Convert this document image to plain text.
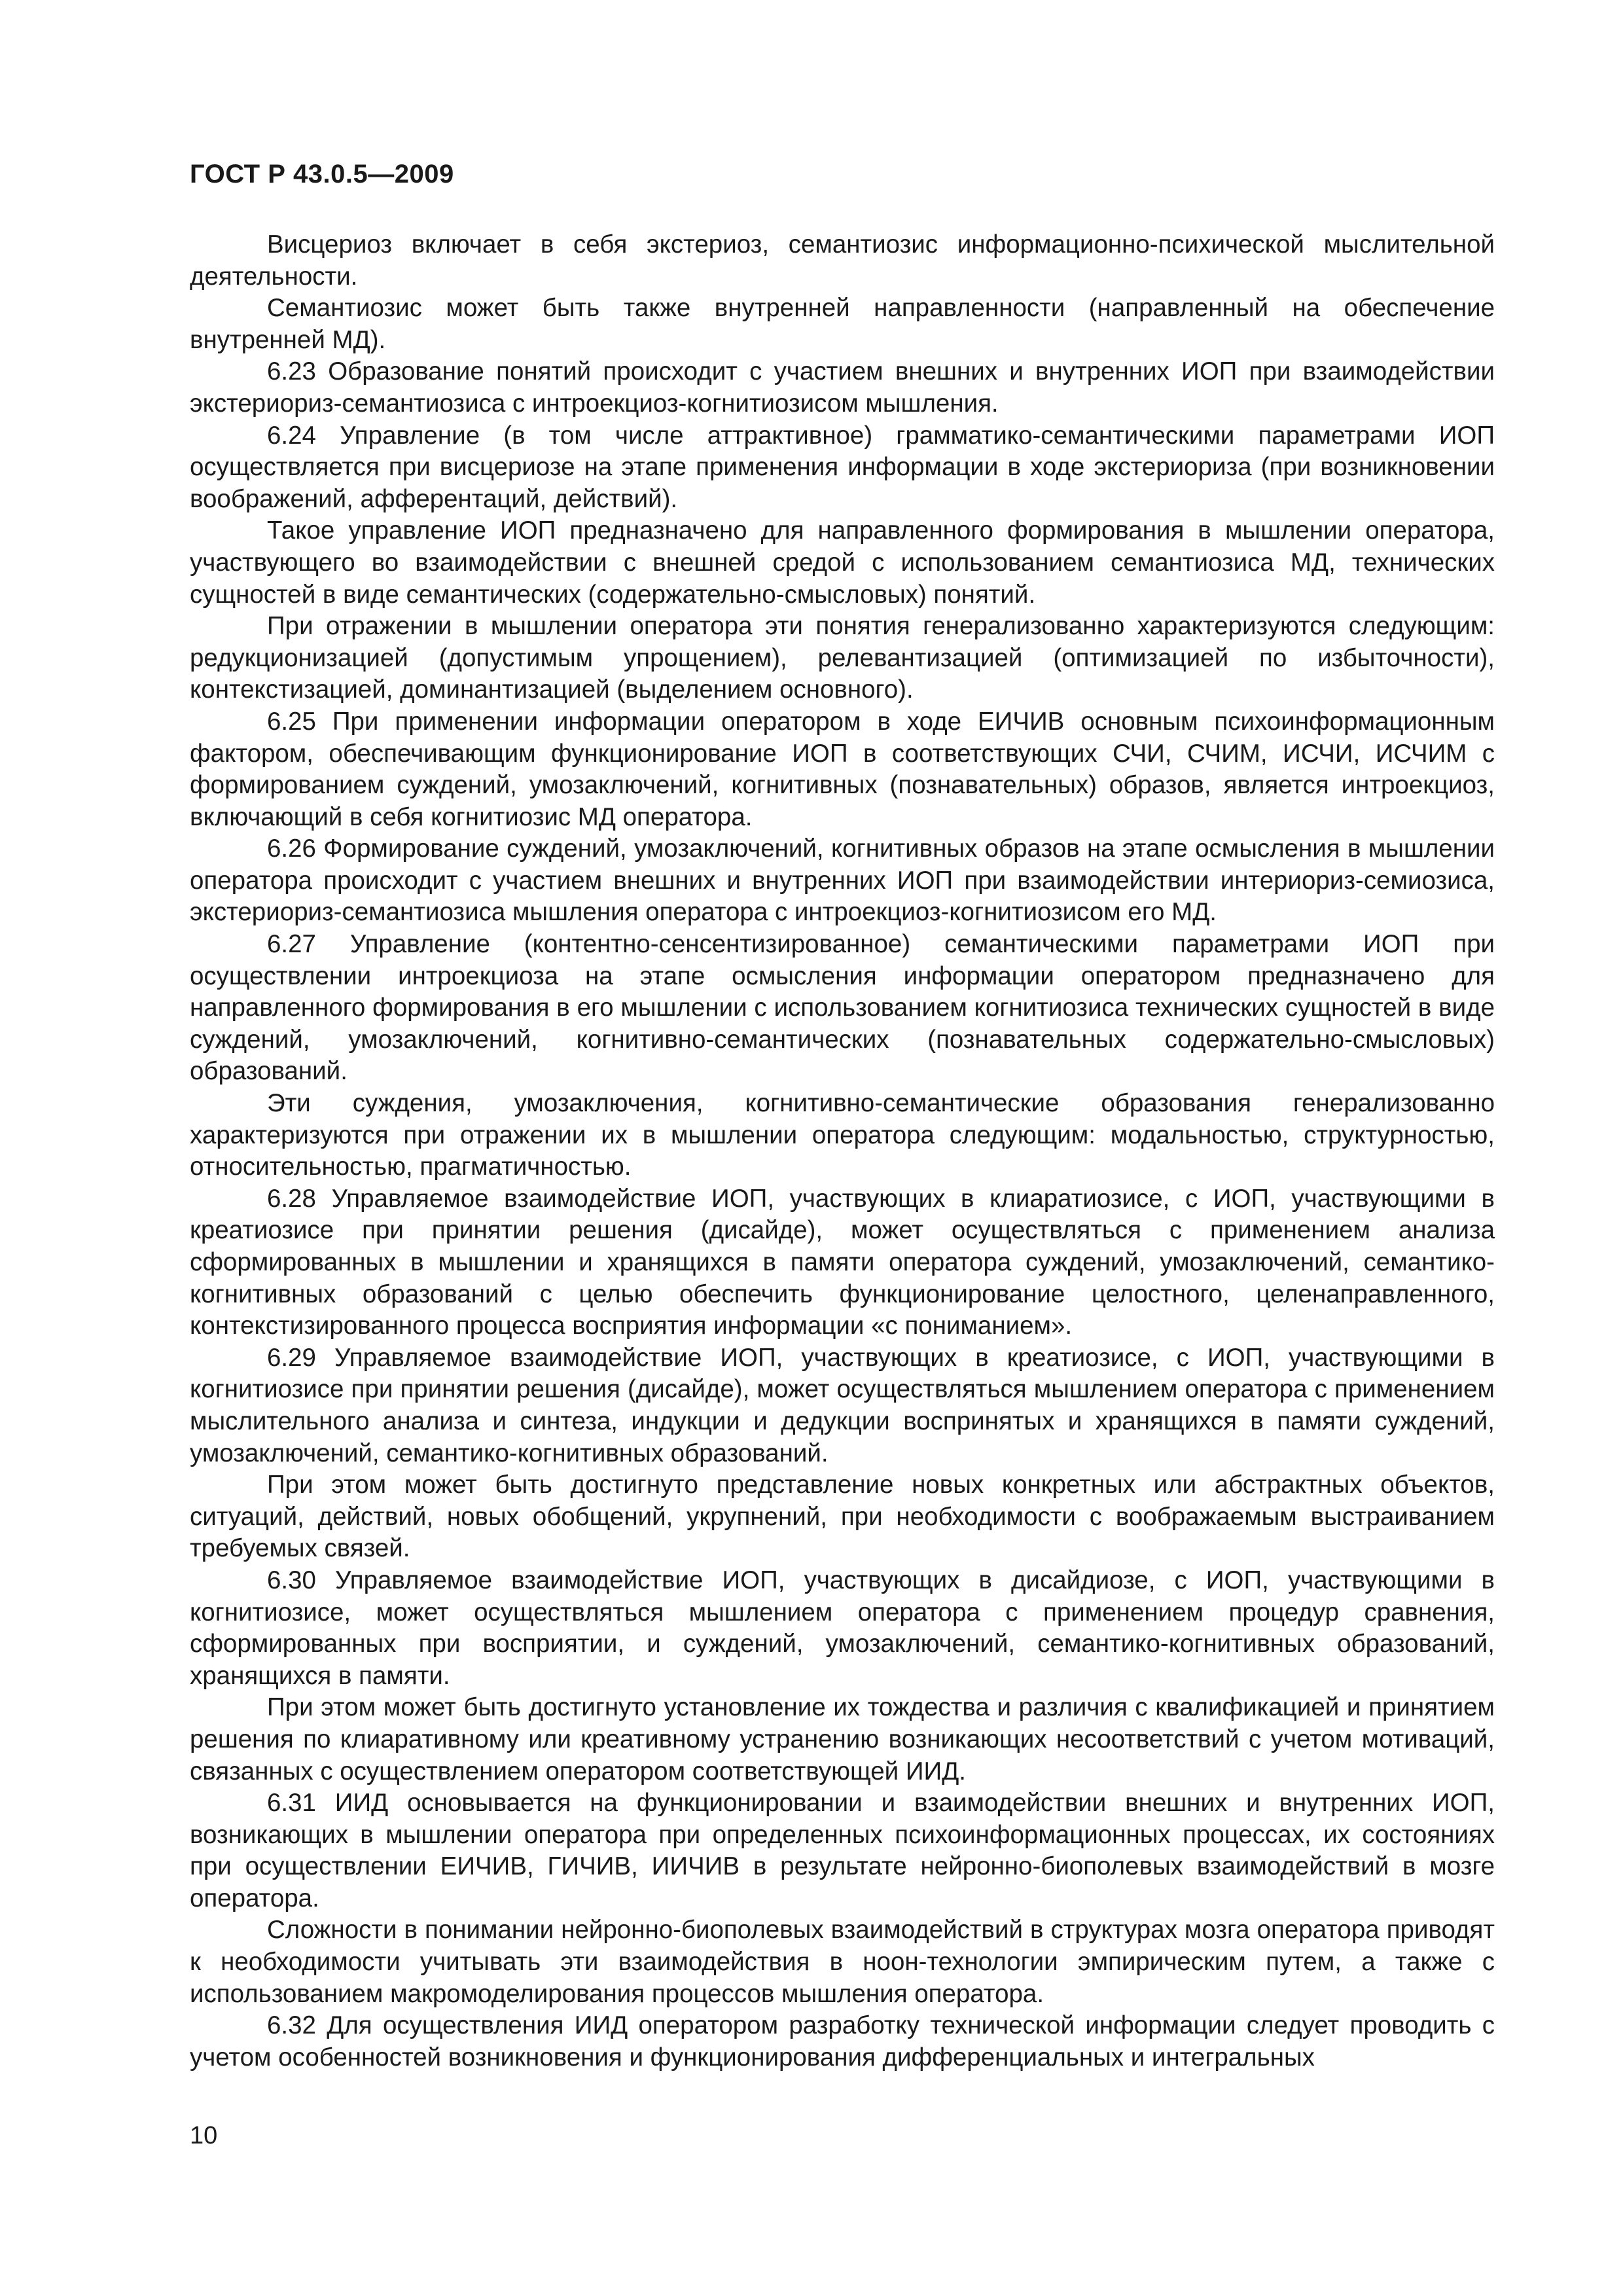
ГОСТ Р 43.0.5—2009

Висцериоз включает в себя экстериоз, семантиозис информационно-психической мыслительной деятельности.

Семантиозис может быть также внутренней направленности (направленный на обеспечение внутренней МД).

6.23 Образование понятий происходит с участием внешних и внутренних ИОП при взаимодействии экстериориз-семантиозиса с интроекциоз-когнитиозисом мышления.

6.24 Управление (в том числе аттрактивное) грамматико-семантическими параметрами ИОП осуществляется при висцериозе на этапе применения информации в ходе экстериориза (при возникновении воображений, афферентаций, действий).

Такое управление ИОП предназначено для направленного формирования в мышлении оператора, участвующего во взаимодействии с внешней средой с использованием семантиозиса МД, технических сущностей в виде семантических (содержательно-смысловых) понятий.

При отражении в мышлении оператора эти понятия генерализованно характеризуются следующим: редукционизацией (допустимым упрощением), релевантизацией (оптимизацией по избыточности), контекстизацией, доминантизацией (выделением основного).

6.25 При применении информации оператором в ходе ЕИЧИВ основным психоинформационным фактором, обеспечивающим функционирование ИОП в соответствующих СЧИ, СЧИМ, ИСЧИ, ИСЧИМ с формированием суждений, умозаключений, когнитивных (познавательных) образов, является интроекциоз, включающий в себя когнитиозис МД оператора.

6.26 Формирование суждений, умозаключений, когнитивных образов на этапе осмысления в мышлении оператора происходит с участием внешних и внутренних ИОП при взаимодействии интериориз-семиозиса, экстериориз-семантиозиса мышления оператора с интроекциоз-когнитиозисом его МД.

6.27 Управление (контентно-сенсентизированное) семантическими параметрами ИОП при осуществлении интроекциоза на этапе осмысления информации оператором предназначено для направленного формирования в его мышлении с использованием когнитиозиса технических сущностей в виде суждений, умозаключений, когнитивно-семантических (познавательных содержательно-смысловых) образований.

Эти суждения, умозаключения, когнитивно-семантические образования генерализованно характеризуются при отражении их в мышлении оператора следующим: модальностью, структурностью, относительностью, прагматичностью.

6.28 Управляемое взаимодействие ИОП, участвующих в клиаратиозисе, с ИОП, участвующими в креатиозисе при принятии решения (дисайде), может осуществляться с применением анализа сформированных в мышлении и хранящихся в памяти оператора суждений, умозаключений, семантико-когнитивных образований с целью обеспечить функционирование целостного, целенаправленного, контекстизированного процесса восприятия информации «с пониманием».

6.29 Управляемое взаимодействие ИОП, участвующих в креатиозисе, с ИОП, участвующими в когнитиозисе при принятии решения (дисайде), может осуществляться мышлением оператора с применением мыслительного анализа и синтеза, индукции и дедукции воспринятых и хранящихся в памяти суждений, умозаключений, семантико-когнитивных образований.

При этом может быть достигнуто представление новых конкретных или абстрактных объектов, ситуаций, действий, новых обобщений, укрупнений, при необходимости с воображаемым выстраиванием требуемых связей.

6.30 Управляемое взаимодействие ИОП, участвующих в дисайдиозе, с ИОП, участвующими в когнитиозисе, может осуществляться мышлением оператора с применением процедур сравнения, сформированных при восприятии, и суждений, умозаключений, семантико-когнитивных образований, хранящихся в памяти.

При этом может быть достигнуто установление их тождества и различия с квалификацией и принятием решения по клиаративному или креативному устранению возникающих несоответствий с учетом мотиваций, связанных с осуществлением оператором соответствующей ИИД.

6.31 ИИД основывается на функционировании и взаимодействии внешних и внутренних ИОП, возникающих в мышлении оператора при определенных психоинформационных процессах, их состояниях при осуществлении ЕИЧИВ, ГИЧИВ, ИИЧИВ в результате нейронно-биополевых взаимодействий в мозге оператора.

Сложности в понимании нейронно-биополевых взаимодействий в структурах мозга оператора приводят к необходимости учитывать эти взаимодействия в ноон-технологии эмпирическим путем, а также с использованием макромоделирования процессов мышления оператора.

6.32 Для осуществления ИИД оператором разработку технической информации следует проводить с учетом особенностей возникновения и функционирования дифференциальных и интегральных

10
